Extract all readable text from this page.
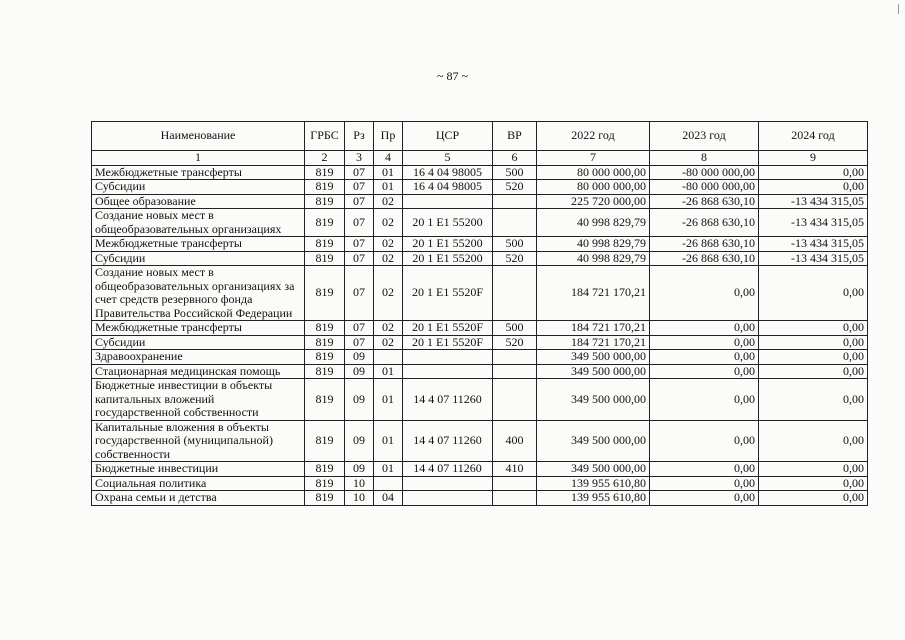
~ 87 ~
Наименование	ГРБС	Рз	Пр	ЦСР	ВР	2022 год	2023 год	2024 год
1	2	3	4	5	6	7	8	9
Межбюджетные трансферты	819	07	01	16 4 04 98005	500	80 000 000,00	-80 000 000,00	0,00
Субсидии	819	07	01	16 4 04 98005	520	80 000 000,00	-80 000 000,00	0,00
Общее образование	819	07	02			225 720 000,00	-26 868 630,10	-13 434 315,05
Создание новых мест в общеобразовательных организациях	819	07	02	20 1 E1 55200		40 998 829,79	-26 868 630,10	-13 434 315,05
Межбюджетные трансферты	819	07	02	20 1 E1 55200	500	40 998 829,79	-26 868 630,10	-13 434 315,05
Субсидии	819	07	02	20 1 E1 55200	520	40 998 829,79	-26 868 630,10	-13 434 315,05
Создание новых мест в общеобразовательных организациях за счет средств резервного фонда Правительства Российской Федерации	819	07	02	20 1 E1 5520F		184 721 170,21	0,00	0,00
Межбюджетные трансферты	819	07	02	20 1 E1 5520F	500	184 721 170,21	0,00	0,00
Субсидии	819	07	02	20 1 E1 5520F	520	184 721 170,21	0,00	0,00
Здравоохранение	819	09				349 500 000,00	0,00	0,00
Стационарная медицинская помощь	819	09	01			349 500 000,00	0,00	0,00
Бюджетные инвестиции в объекты капитальных вложений государственной собственности	819	09	01	14 4 07 11260		349 500 000,00	0,00	0,00
Капитальные вложения в объекты государственной (муниципальной) собственности	819	09	01	14 4 07 11260	400	349 500 000,00	0,00	0,00
Бюджетные инвестиции	819	09	01	14 4 07 11260	410	349 500 000,00	0,00	0,00
Социальная политика	819	10				139 955 610,80	0,00	0,00
Охрана семьи и детства	819	10	04			139 955 610,80	0,00	0,00
